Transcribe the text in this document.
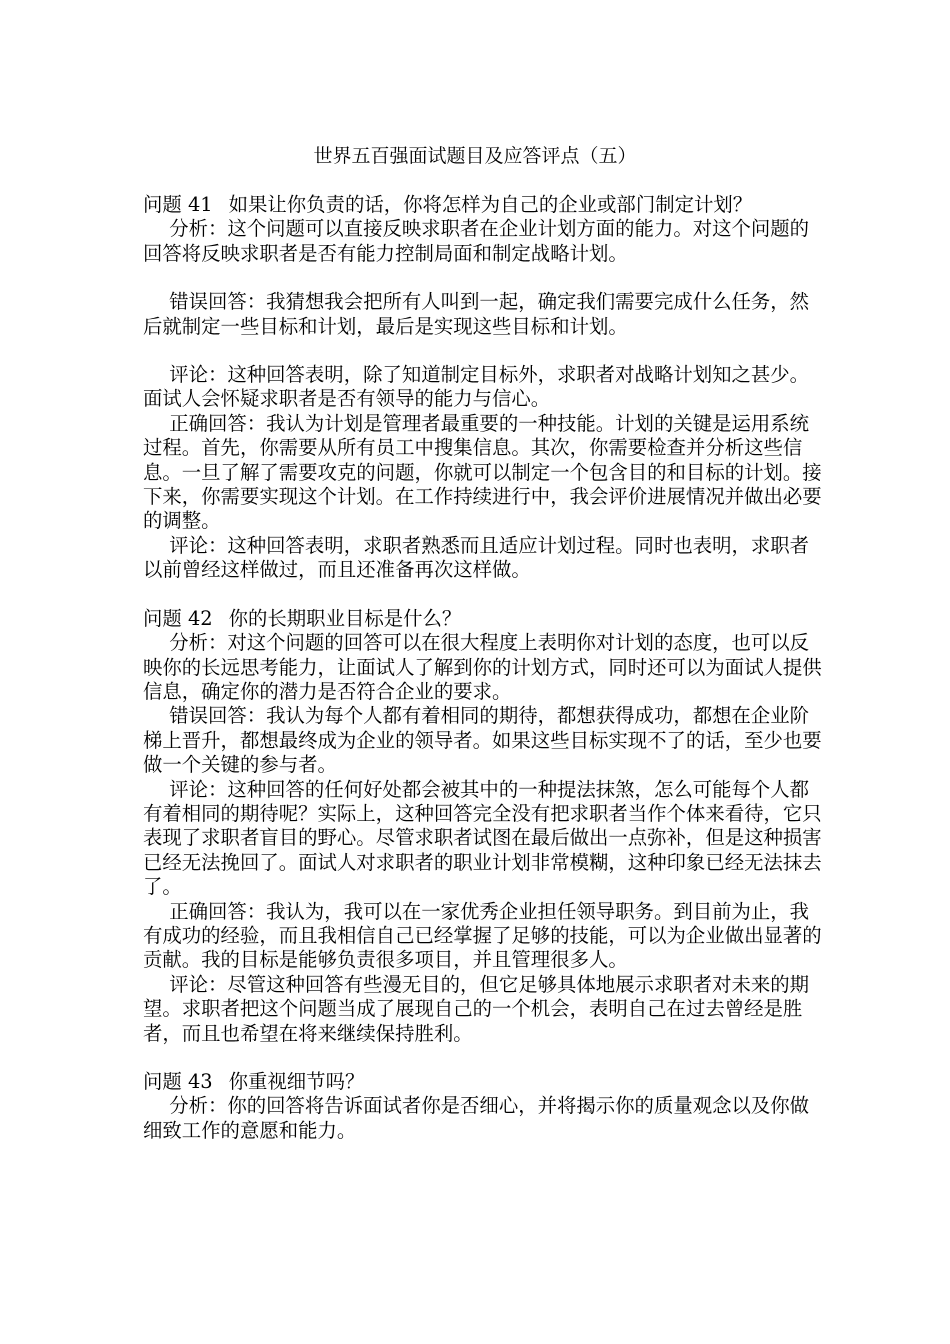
世界五百强面试题目及应答评点（五）

问题 41 如果让你负责的话，你将怎样为自己的企业或部门制定计划？

分析：这个问题可以直接反映求职者在企业计划方面的能力。对这个问题的回答将反映求职者是否有能力控制局面和制定战略计划。

错误回答：我猜想我会把所有人叫到一起，确定我们需要完成什么任务，然后就制定一些目标和计划，最后是实现这些目标和计划。

评论：这种回答表明，除了知道制定目标外，求职者对战略计划知之甚少。面试人会怀疑求职者是否有领导的能力与信心。

正确回答：我认为计划是管理者最重要的一种技能。计划的关键是运用系统过程。首先，你需要从所有员工中搜集信息。其次，你需要检查并分析这些信息。一旦了解了需要攻克的问题，你就可以制定一个包含目的和目标的计划。接下来，你需要实现这个计划。在工作持续进行中，我会评价进展情况并做出必要的调整。

评论：这种回答表明，求职者熟悉而且适应计划过程。同时也表明，求职者以前曾经这样做过，而且还准备再次这样做。

问题 42 你的长期职业目标是什么？

分析：对这个问题的回答可以在很大程度上表明你对计划的态度，也可以反映你的长远思考能力，让面试人了解到你的计划方式，同时还可以为面试人提供信息，确定你的潜力是否符合企业的要求。

错误回答：我认为每个人都有着相同的期待，都想获得成功，都想在企业阶梯上晋升，都想最终成为企业的领导者。如果这些目标实现不了的话，至少也要做一个关键的参与者。

评论：这种回答的任何好处都会被其中的一种提法抹煞，怎么可能每个人都有着相同的期待呢？实际上，这种回答完全没有把求职者当作个体来看待，它只表现了求职者盲目的野心。尽管求职者试图在最后做出一点弥补，但是这种损害已经无法挽回了。面试人对求职者的职业计划非常模糊，这种印象已经无法抹去了。

正确回答：我认为，我可以在一家优秀企业担任领导职务。到目前为止，我有成功的经验，而且我相信自己已经掌握了足够的技能，可以为企业做出显著的贡献。我的目标是能够负责很多项目，并且管理很多人。

评论：尽管这种回答有些漫无目的，但它足够具体地展示求职者对未来的期望。求职者把这个问题当成了展现自己的一个机会，表明自己在过去曾经是胜者，而且也希望在将来继续保持胜利。

问题 43 你重视细节吗？

分析：你的回答将告诉面试者你是否细心，并将揭示你的质量观念以及你做细致工作的意愿和能力。
